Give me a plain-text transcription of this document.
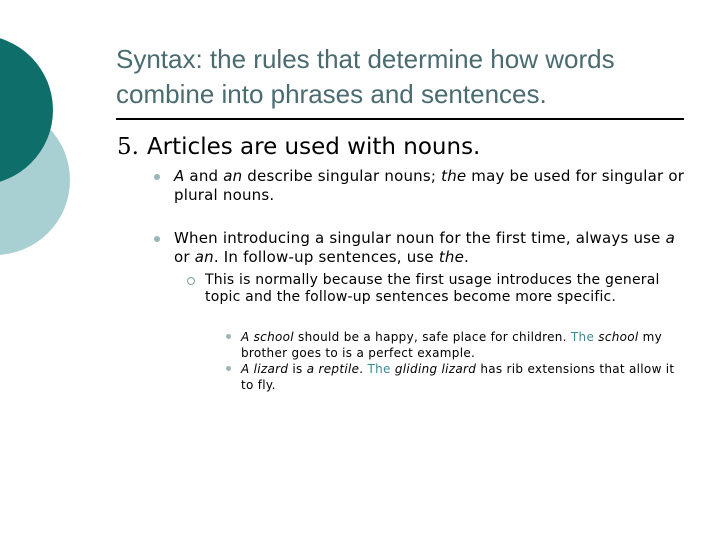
Syntax: the rules that determine how words combine into phrases and sentences.
5. Articles are used with nouns.
A and an describe singular nouns; the may be used for singular or plural nouns.
When introducing a singular noun for the first time, always use a or an. In follow-up sentences, use the.
This is normally because the first usage introduces the general topic and the follow-up sentences become more specific.
A school should be a happy, safe place for children. The school my brother goes to is a perfect example.
A lizard is a reptile. The gliding lizard has rib extensions that allow it to fly.
